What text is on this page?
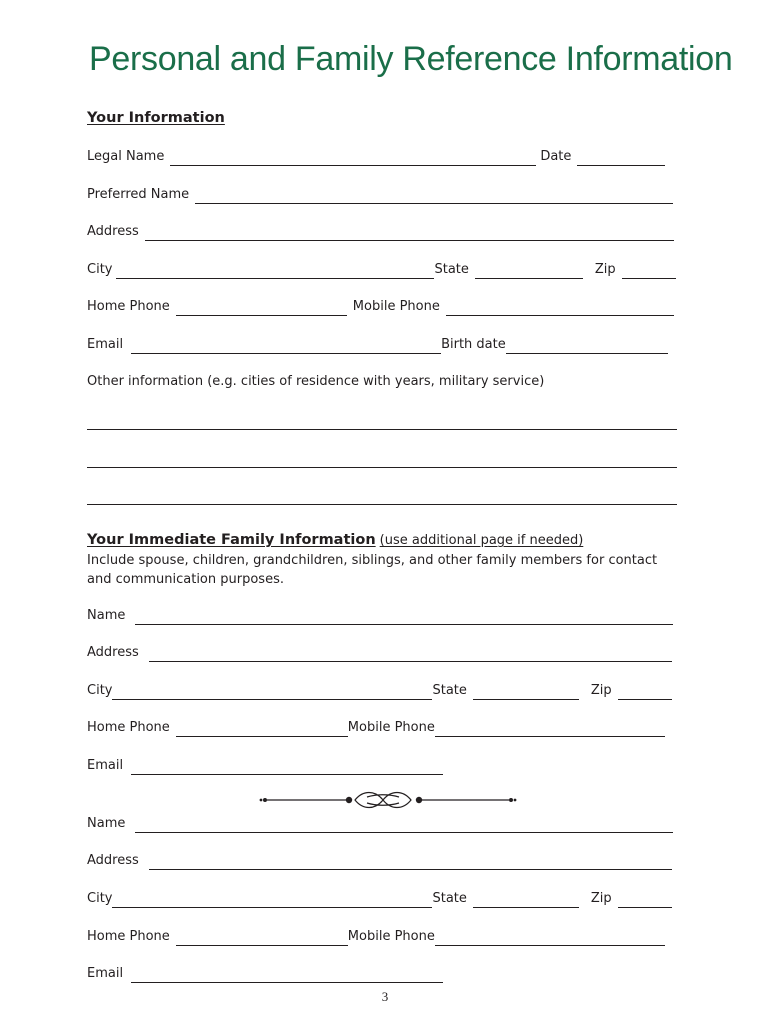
Personal and Family Reference Information
Your Information
Legal Name	Date
Preferred Name
Address
City	State	Zip
Home Phone	Mobile Phone
Email	Birth date
Other information (e.g. cities of residence with years, military service)
Your Immediate Family Information (use additional page if needed)
Include spouse, children, grandchildren, siblings, and other family members for contact and communication purposes.
Name
Address
City	State	Zip
Home Phone	Mobile Phone
Email
Name
Address
City	State	Zip
Home Phone	Mobile Phone
Email
3
